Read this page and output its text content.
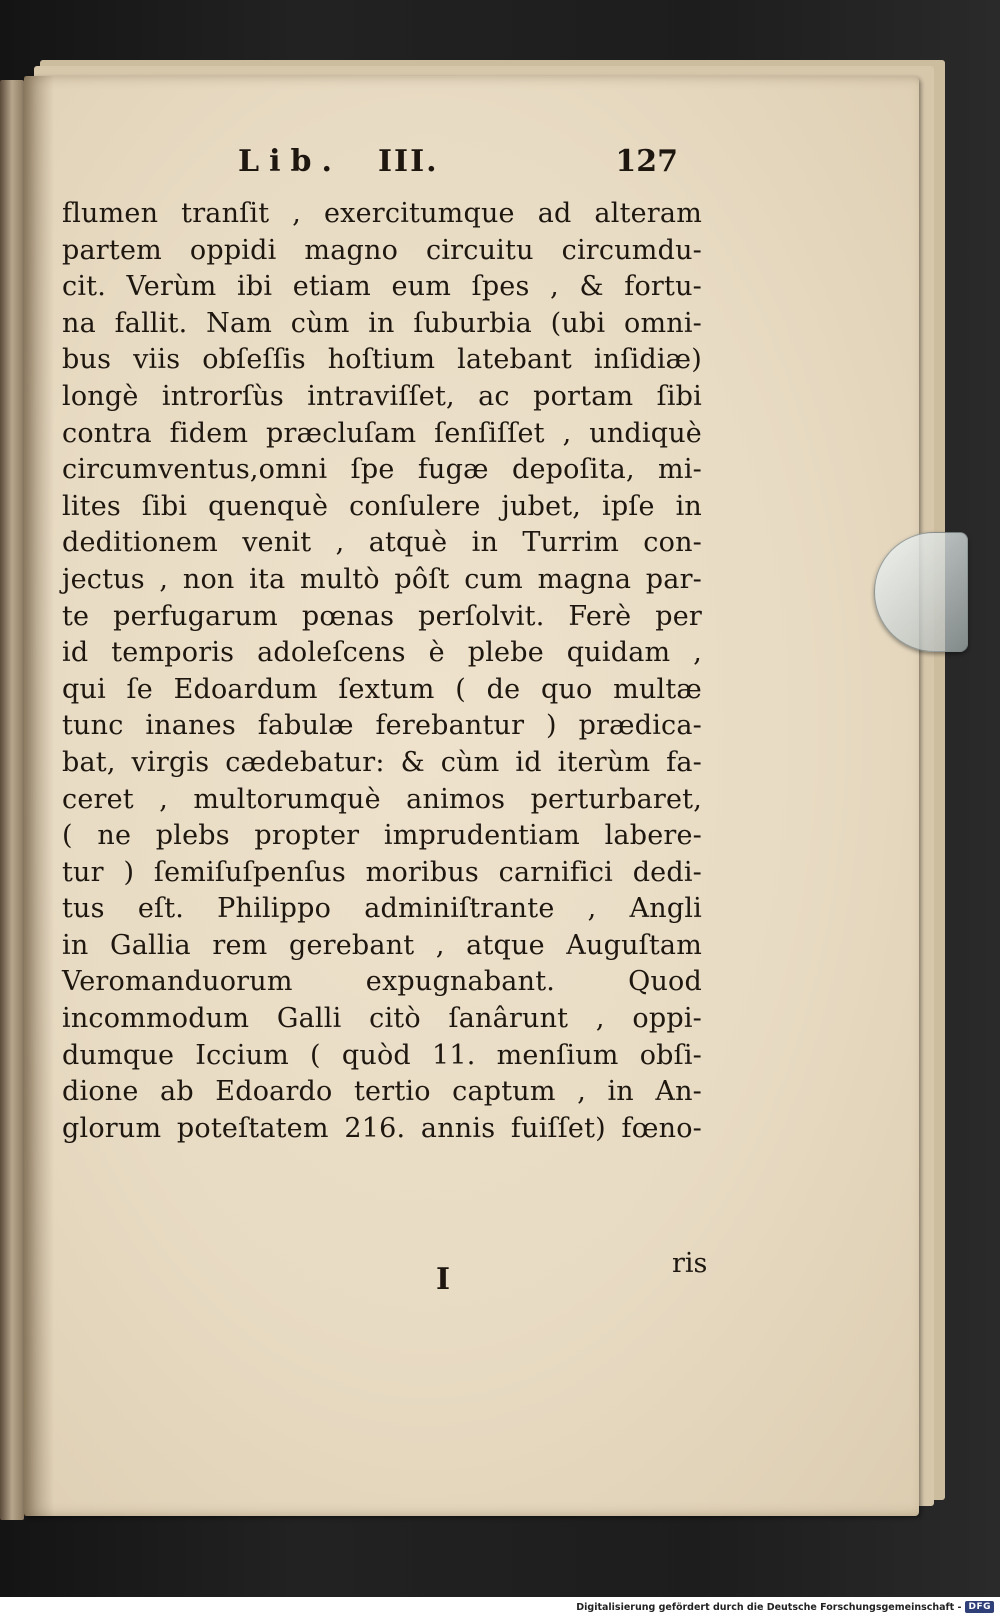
Lib. III.	127
flumen tranſit , exercitumque ad alteram
partem oppidi magno circuitu circumdu-
cit. Verùm ibi etiam eum ſpes , & fortu-
na fallit. Nam cùm in ſuburbia (ubi omni-
bus viis obſeſſis hoſtium latebant inſidiæ)
longè introrſùs intraviſſet, ac portam ſibi
contra fidem præcluſam ſenſiſſet , undiquè
circumventus,omni ſpe fugæ depoſita, mi-
lites ſibi quenquè conſulere jubet, ipſe in
deditionem venit , atquè in Turrim con-
jectus , non ita multò pôſt cum magna par-
te perfugarum pœnas perſolvit. Ferè per
id temporis adoleſcens è plebe quidam ,
qui ſe Edoardum ſextum ( de quo multæ
tunc inanes fabulæ ferebantur ) prædica-
bat, virgis cædebatur: & cùm id iterùm fa-
ceret , multorumquè animos perturbaret,
( ne plebs propter imprudentiam labere-
tur ) ſemiſuſpenſus moribus carnifici dedi-
tus eſt. Philippo adminiſtrante , Angli
in Gallia rem gerebant , atque Auguſtam
Veromanduorum expugnabant. Quod
incommodum Galli citò ſanârunt , oppi-
dumque Iccium ( quòd 11. menſium obſi-
dione ab Edoardo tertio captum , in An-
glorum poteſtatem 216. annis fuiſſet) fœno-
I	ris
Digitalisierung gefördert durch die Deutsche Forschungsgemeinschaft - DFG
